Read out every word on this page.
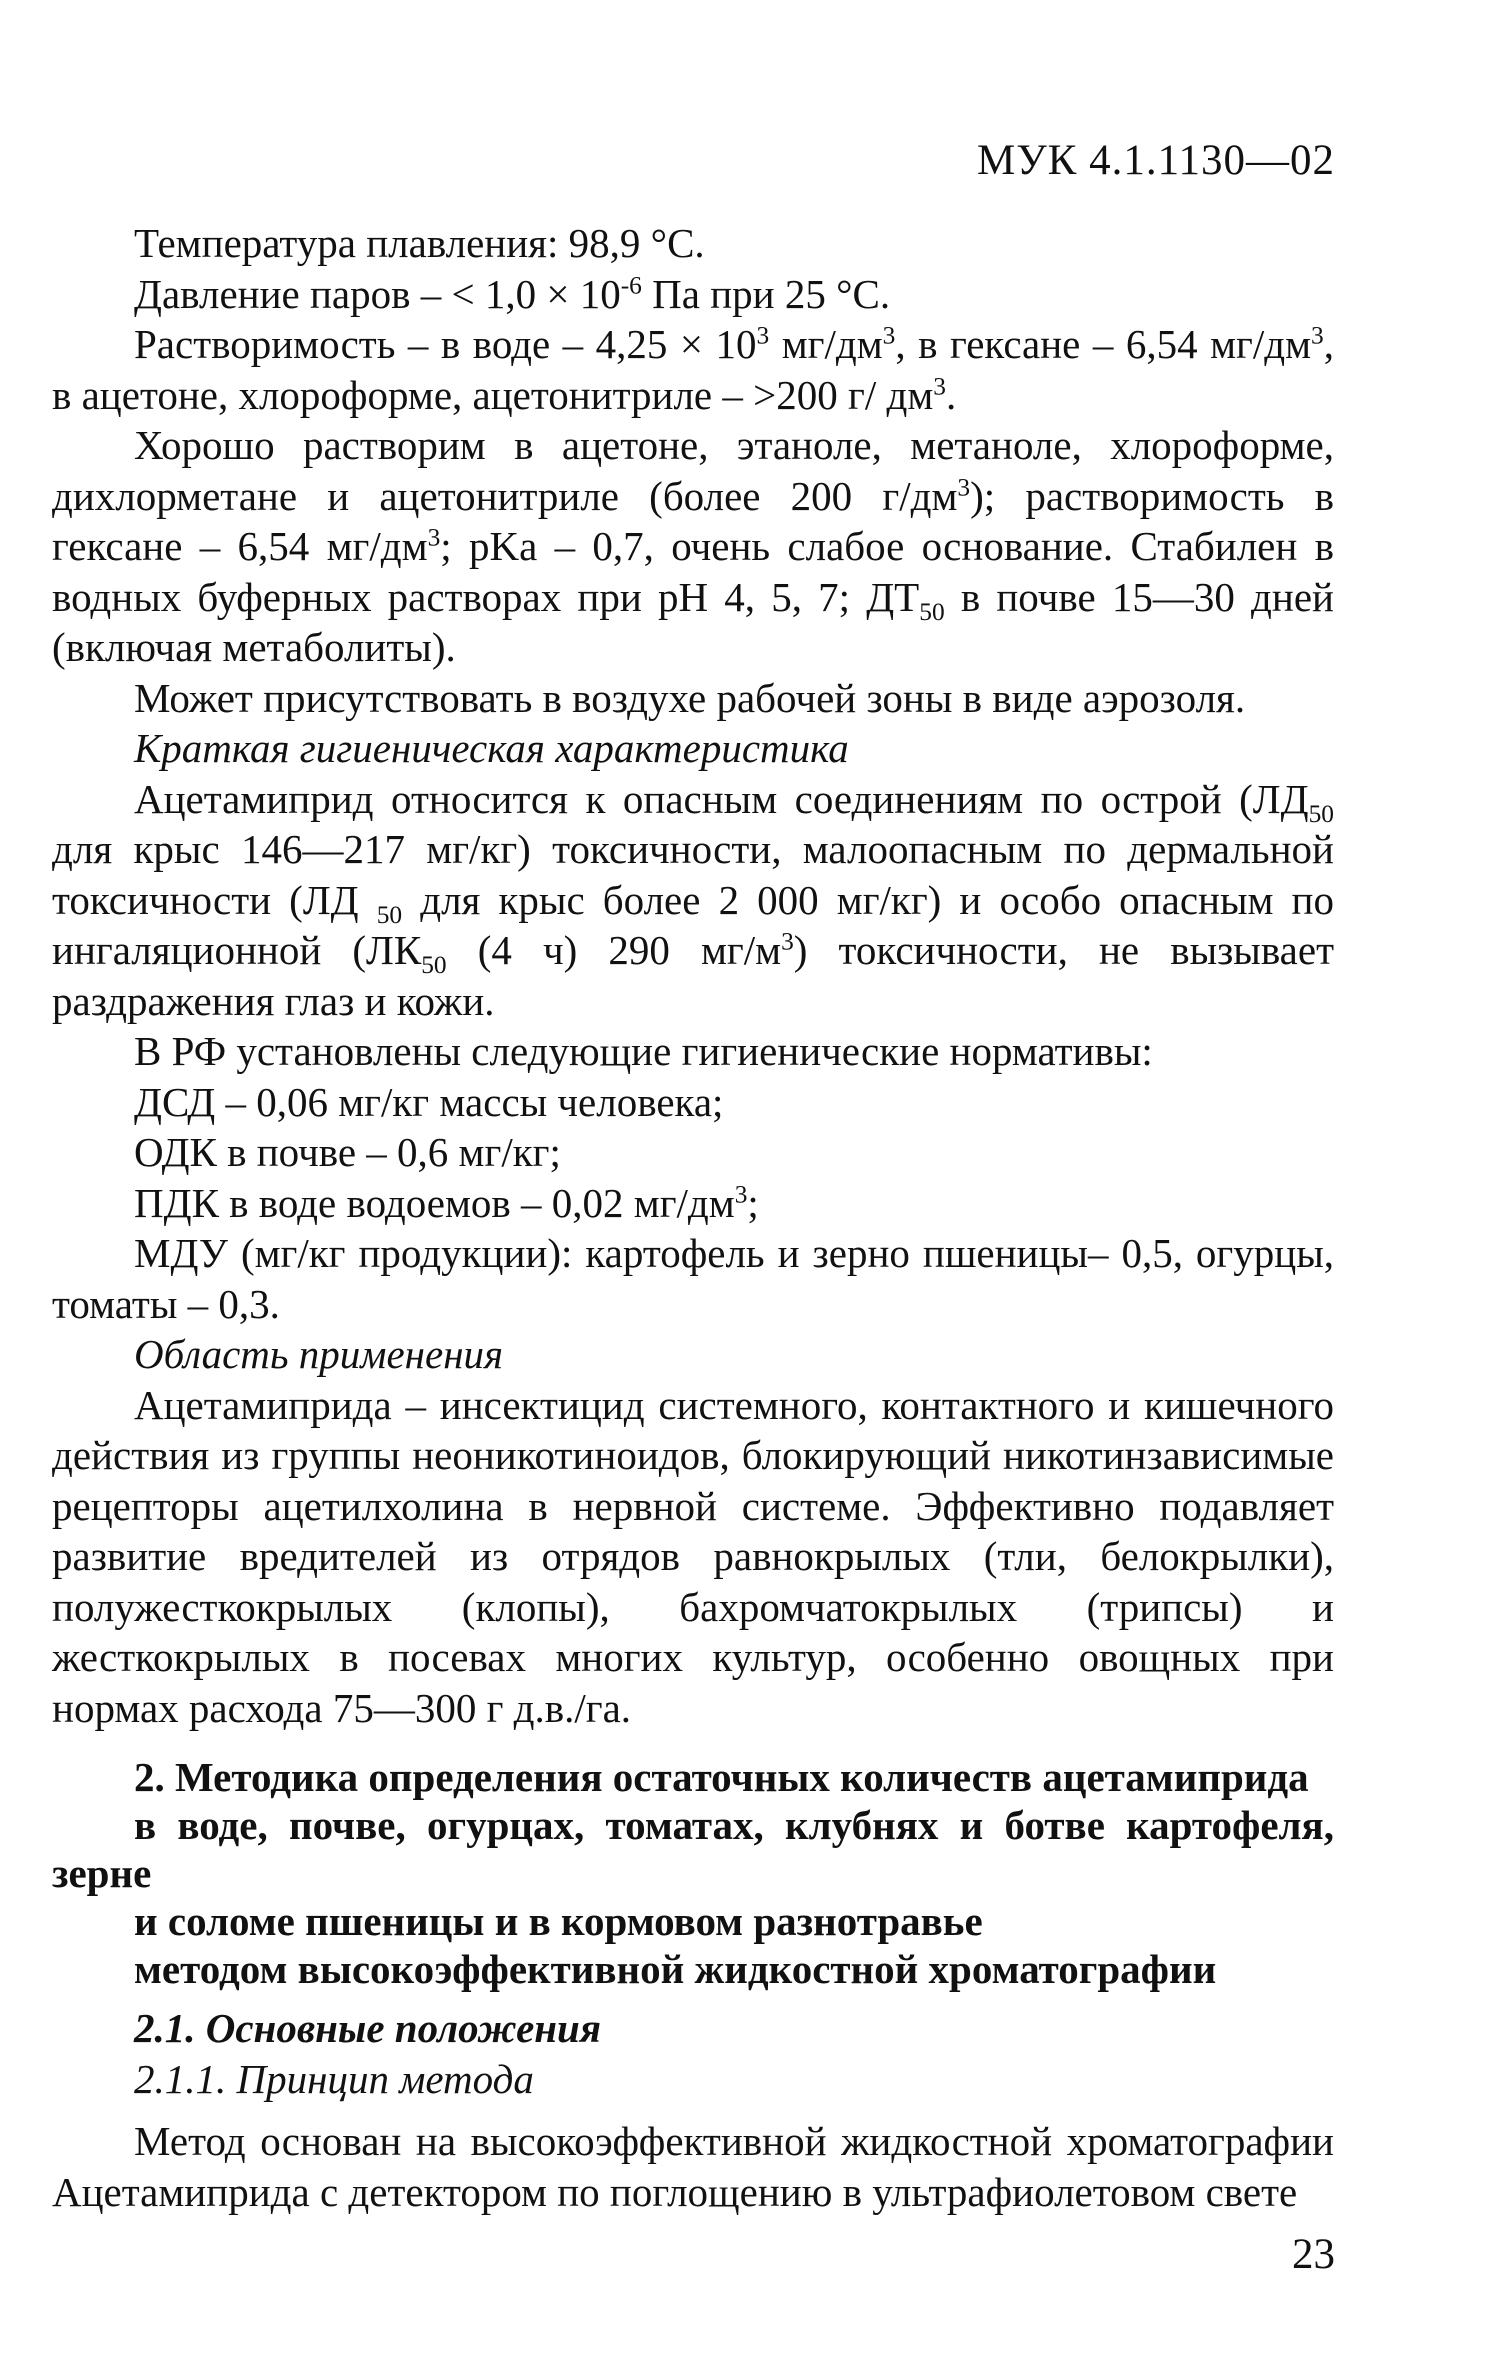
МУК 4.1.1130—02

Температура плавления: 98,9 °С.

Давление паров – < $1,0 \times 10^{-6}$ Па при 25 °С.

Растворимость – в воде – $4,25 \times 10^3$ $мг/дм^3$, в гексане – 6,54 $мг/дм^3$, в ацетоне, хлороформе, ацетонитриле – >200 г/ $дм^3$.

Хорошо растворим в ацетоне, этаноле, метаноле, хлороформе, дихлорметане и ацетонитриле (более 200 $г/дм^3$); растворимость в гексане – 6,54 $мг/дм^3$; pKa – 0,7, очень слабое основание. Стабилен в водных буферных растворах при рН 4, 5, 7; $ДТ_{50}$ в почве 15—30 дней (включая метаболиты).

Может присутствовать в воздухе рабочей зоны в виде аэрозоля.

Краткая гигиеническая характеристика

Ацетамиприд относится к опасным соединениям по острой ($ЛД_{50}$ для крыс 146—217 мг/кг) токсичности, малоопасным по дермальной токсичности (ЛД $_{50}$ для крыс более 2 000 мг/кг) и особо опасным по ингаляционной ($ЛК_{50}$ (4 ч) 290 $мг/м^3$) токсичности, не вызывает раздражения глаз и кожи.

В РФ установлены следующие гигиенические нормативы:

ДСД – 0,06 мг/кг массы человека;

ОДК в почве – 0,6 мг/кг;

ПДК в воде водоемов – 0,02 $мг/дм^3$;

МДУ (мг/кг продукции): картофель и зерно пшеницы– 0,5, огурцы, томаты – 0,3.

Область применения

Ацетамиприда – инсектицид системного, контактного и кишечного действия из группы неоникотиноидов, блокирующий никотинзависимые рецепторы ацетилхолина в нервной системе. Эффективно подавляет развитие вредителей из отрядов равнокрылых (тли, белокрылки), полужесткокрылых (клопы), бахромчатокрылых (трипсы) и жесткокрылых в посевах многих культур, особенно овощных при нормах расхода 75—300 г д.в./га.

2. Методика определения остаточных количеств ацетамиприда

в воде, почве, огурцах, томатах, клубнях и ботве картофеля, зерне

и соломе пшеницы и в кормовом разнотравье

методом высокоэффективной жидкостной хроматографии

2.1. Основные положения

2.1.1. Принцип метода

Метод основан на высокоэффективной жидкостной хроматографии Ацетамиприда с детектором по поглощению в ультрафиолетовом свете

23
